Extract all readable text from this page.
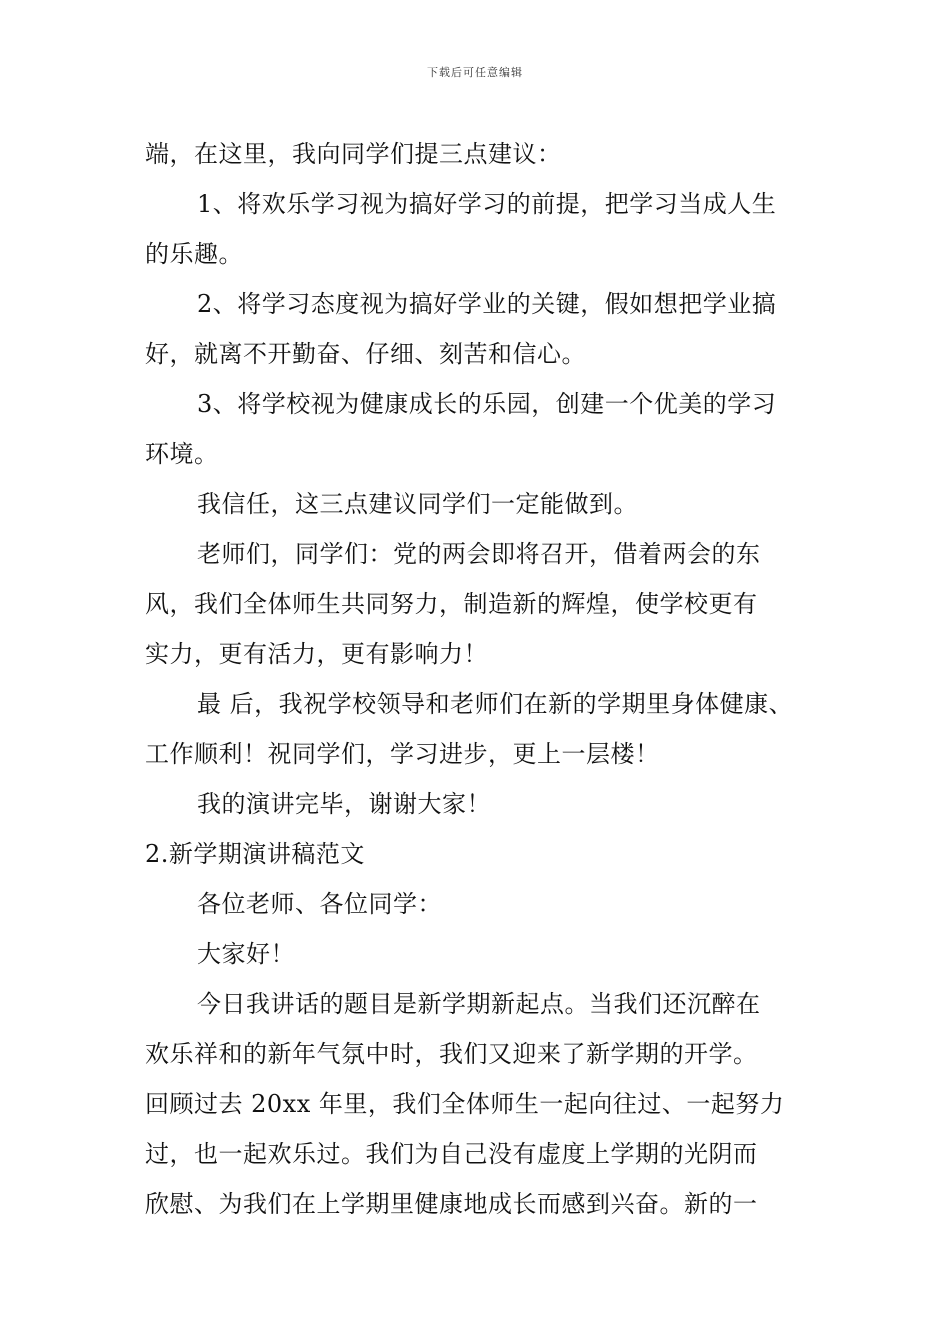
下载后可任意编辑
端，在这里，我向同学们提三点建议：
1、将欢乐学习视为搞好学习的前提，把学习当成人生
的乐趣。
2、将学习态度视为搞好学业的关键，假如想把学业搞
好，就离不开勤奋、仔细、刻苦和信心。
3、将学校视为健康成长的乐园，创建一个优美的学习
环境。
我信任，这三点建议同学们一定能做到。
老师们，同学们：党的两会即将召开，借着两会的东
风，我们全体师生共同努力，制造新的辉煌，使学校更有
实力，更有活力，更有影响力！
最 后，我祝学校领导和老师们在新的学期里身体健康、
工作顺利！祝同学们，学习进步，更上一层楼！
我的演讲完毕，谢谢大家！
2.新学期演讲稿范文
各位老师、各位同学：
大家好！
今日我讲话的题目是新学期新起点。当我们还沉醉在
欢乐祥和的新年气氛中时，我们又迎来了新学期的开学。
回顾过去 20xx 年里，我们全体师生一起向往过、一起努力
过，也一起欢乐过。我们为自己没有虚度上学期的光阴而
欣慰、为我们在上学期里健康地成长而感到兴奋。新的一
